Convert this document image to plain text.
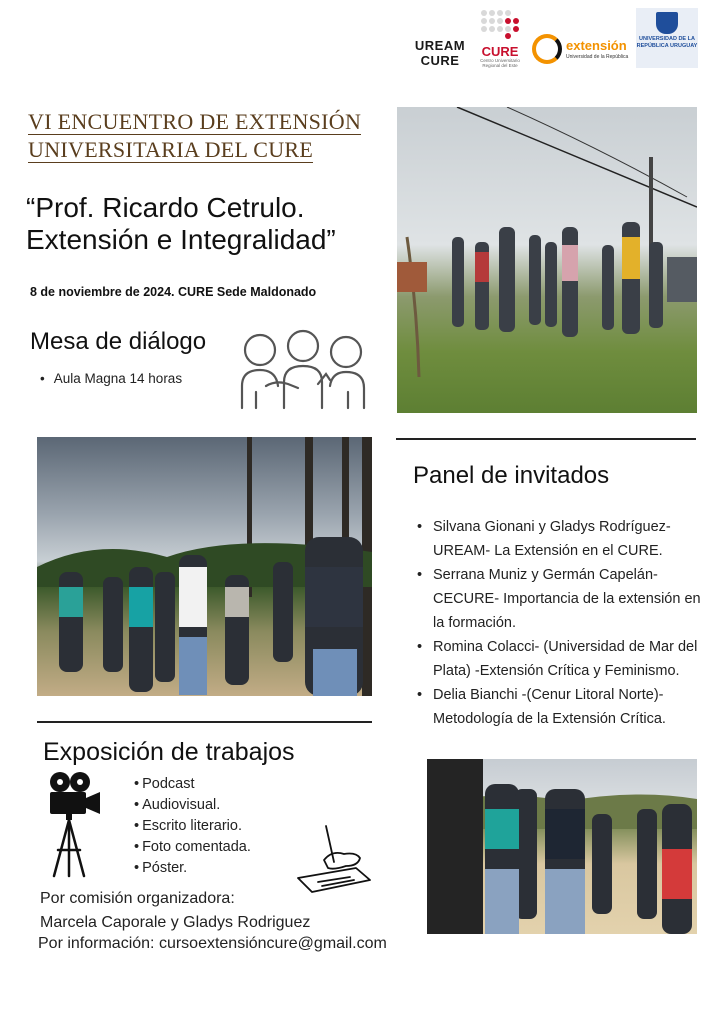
UREAM CURE
CURE
Centro Universitario Regional del Este
extensión
Universidad de la República
UNIVERSIDAD DE LA REPÚBLICA URUGUAY
VI ENCUENTRO DE EXTENSIÓN
UNIVERSITARIA DEL CURE
“Prof. Ricardo Cetrulo.
Extensión e Integralidad”
8 de noviembre de 2024. CURE Sede Maldonado
Mesa de diálogo
• Aula Magna 14 horas
Panel de invitados
• Silvana Gionani y Gladys Rodríguez- UREAM- La Extensión en el CURE.
• Serrana Muniz y Germán Capelán- CECURE- Importancia de la extensión en la formación.
• Romina Colacci- (Universidad de Mar del Plata) -Extensión Crítica y Feminismo.
• Delia Bianchi -(Cenur Litoral Norte)- Metodología de la Extensión Crítica.
Exposición de trabajos
• Podcast
• Audiovisual.
• Escrito literario.
• Foto comentada.
• Póster.
Por comisión organizadora:
Marcela Caporale y Gladys Rodriguez
Por información: cursoextensióncure@gmail.com
